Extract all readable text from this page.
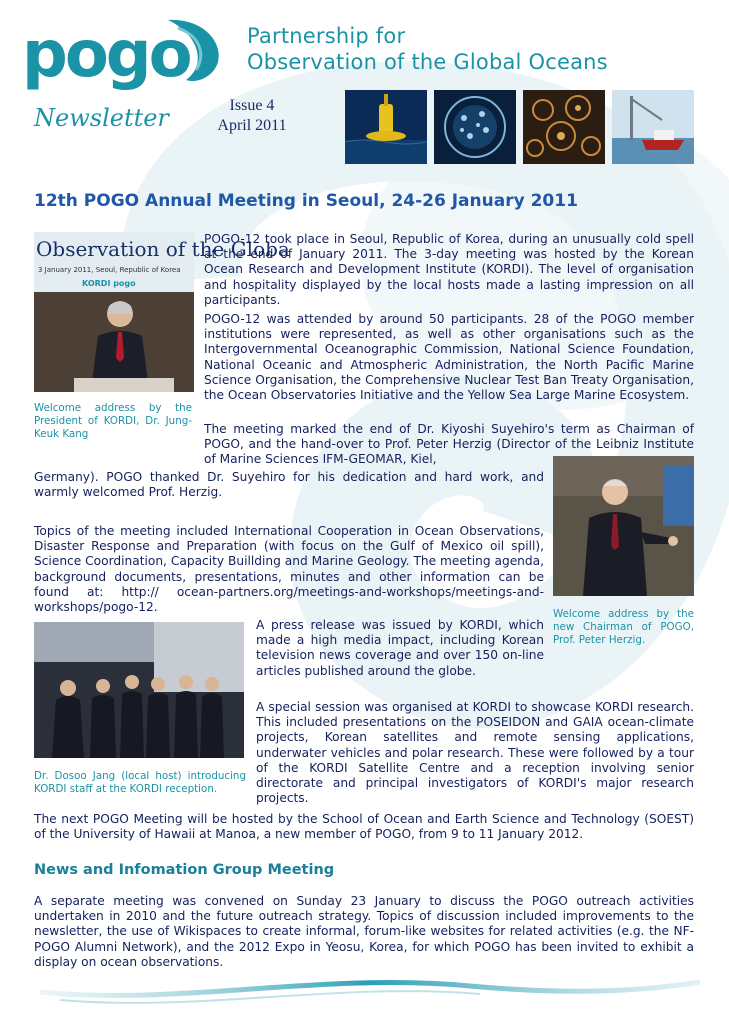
pogo	Partnership for
Observation of the Global Oceans
Newsletter	Issue 4
April 2011
12th POGO Annual Meeting in Seoul, 24-26 January 2011
Observation of the Globa
3 January 2011, Seoul, Republic of Korea
KORDI pogo

Welcome address by the President of KORDI, Dr. Jung-Keuk Kang

POGO-12 took place in Seoul, Republic of Korea, during an unusually cold spell at the end of January 2011. The 3-day meeting was hosted by the Korean Ocean Research and Development Institute (KORDI). The level of organisation and hospitality displayed by the local hosts made a lasting impression on all participants.

POGO-12 was attended by around 50 participants. 28 of the POGO member institutions were represented, as well as other organisations such as the Intergovernmental Oceanographic Commission, National Science Foundation, National Oceanic and Atmospheric Administration, the North Pacific Marine Science Organisation, the Comprehensive Nuclear Test Ban Treaty Organisation, the Ocean Observatories Initiative and the Yellow Sea Large Marine Ecosystem.

The meeting marked the end of Dr. Kiyoshi Suyehiro's term as Chairman of POGO, and the hand-over to Prof. Peter Herzig (Director of the Leibniz Institute of Marine Sciences IFM-GEOMAR, Kiel,

Germany). POGO thanked Dr. Suyehiro for his dedication and hard work, and warmly welcomed Prof. Herzig.

Topics of the meeting included International Cooperation in Ocean Observations, Disaster Response and Preparation (with focus on the Gulf of Mexico oil spill), Science Coordination, Capacity Buillding and Marine Geology. The meeting agenda, background documents, presentations, minutes and other information can be found at: http:// ocean-partners.org/meetings-and-workshops/meetings-and-workshops/pogo-12.	Welcome address by the new Chairman of POGO, Prof. Peter Herzig.

Dr. Dosoo Jang (local host) introducing KORDI staff at the KORDI reception.

A press release was issued by KORDI, which made a high media impact, including Korean television news coverage and over 150 on-line articles published around the globe.

A special session was organised at KORDI to showcase KORDI research. This included presentations on the POSEIDON and GAIA ocean-climate projects, Korean satellites and remote sensing applications, underwater vehicles and polar research. These were followed by a tour of the KORDI Satellite Centre and a reception involving senior directorate and principal investigators of KORDI's major research projects.

The next POGO Meeting will be hosted by the School of Ocean and Earth Science and Technology (SOEST) of the University of Hawaii at Manoa, a new member of POGO, from 9 to 11 January 2012.

News and Infomation Group Meeting

A separate meeting was convened on Sunday 23 January to discuss the POGO outreach activities undertaken in 2010 and the future outreach strategy. Topics of discussion included improvements to the newsletter, the use of Wikispaces to create informal, forum-like websites for related activities (e.g. the NF-POGO Alumni Network), and the 2012 Expo in Yeosu, Korea, for which POGO has been invited to exhibit a display on ocean observations.
